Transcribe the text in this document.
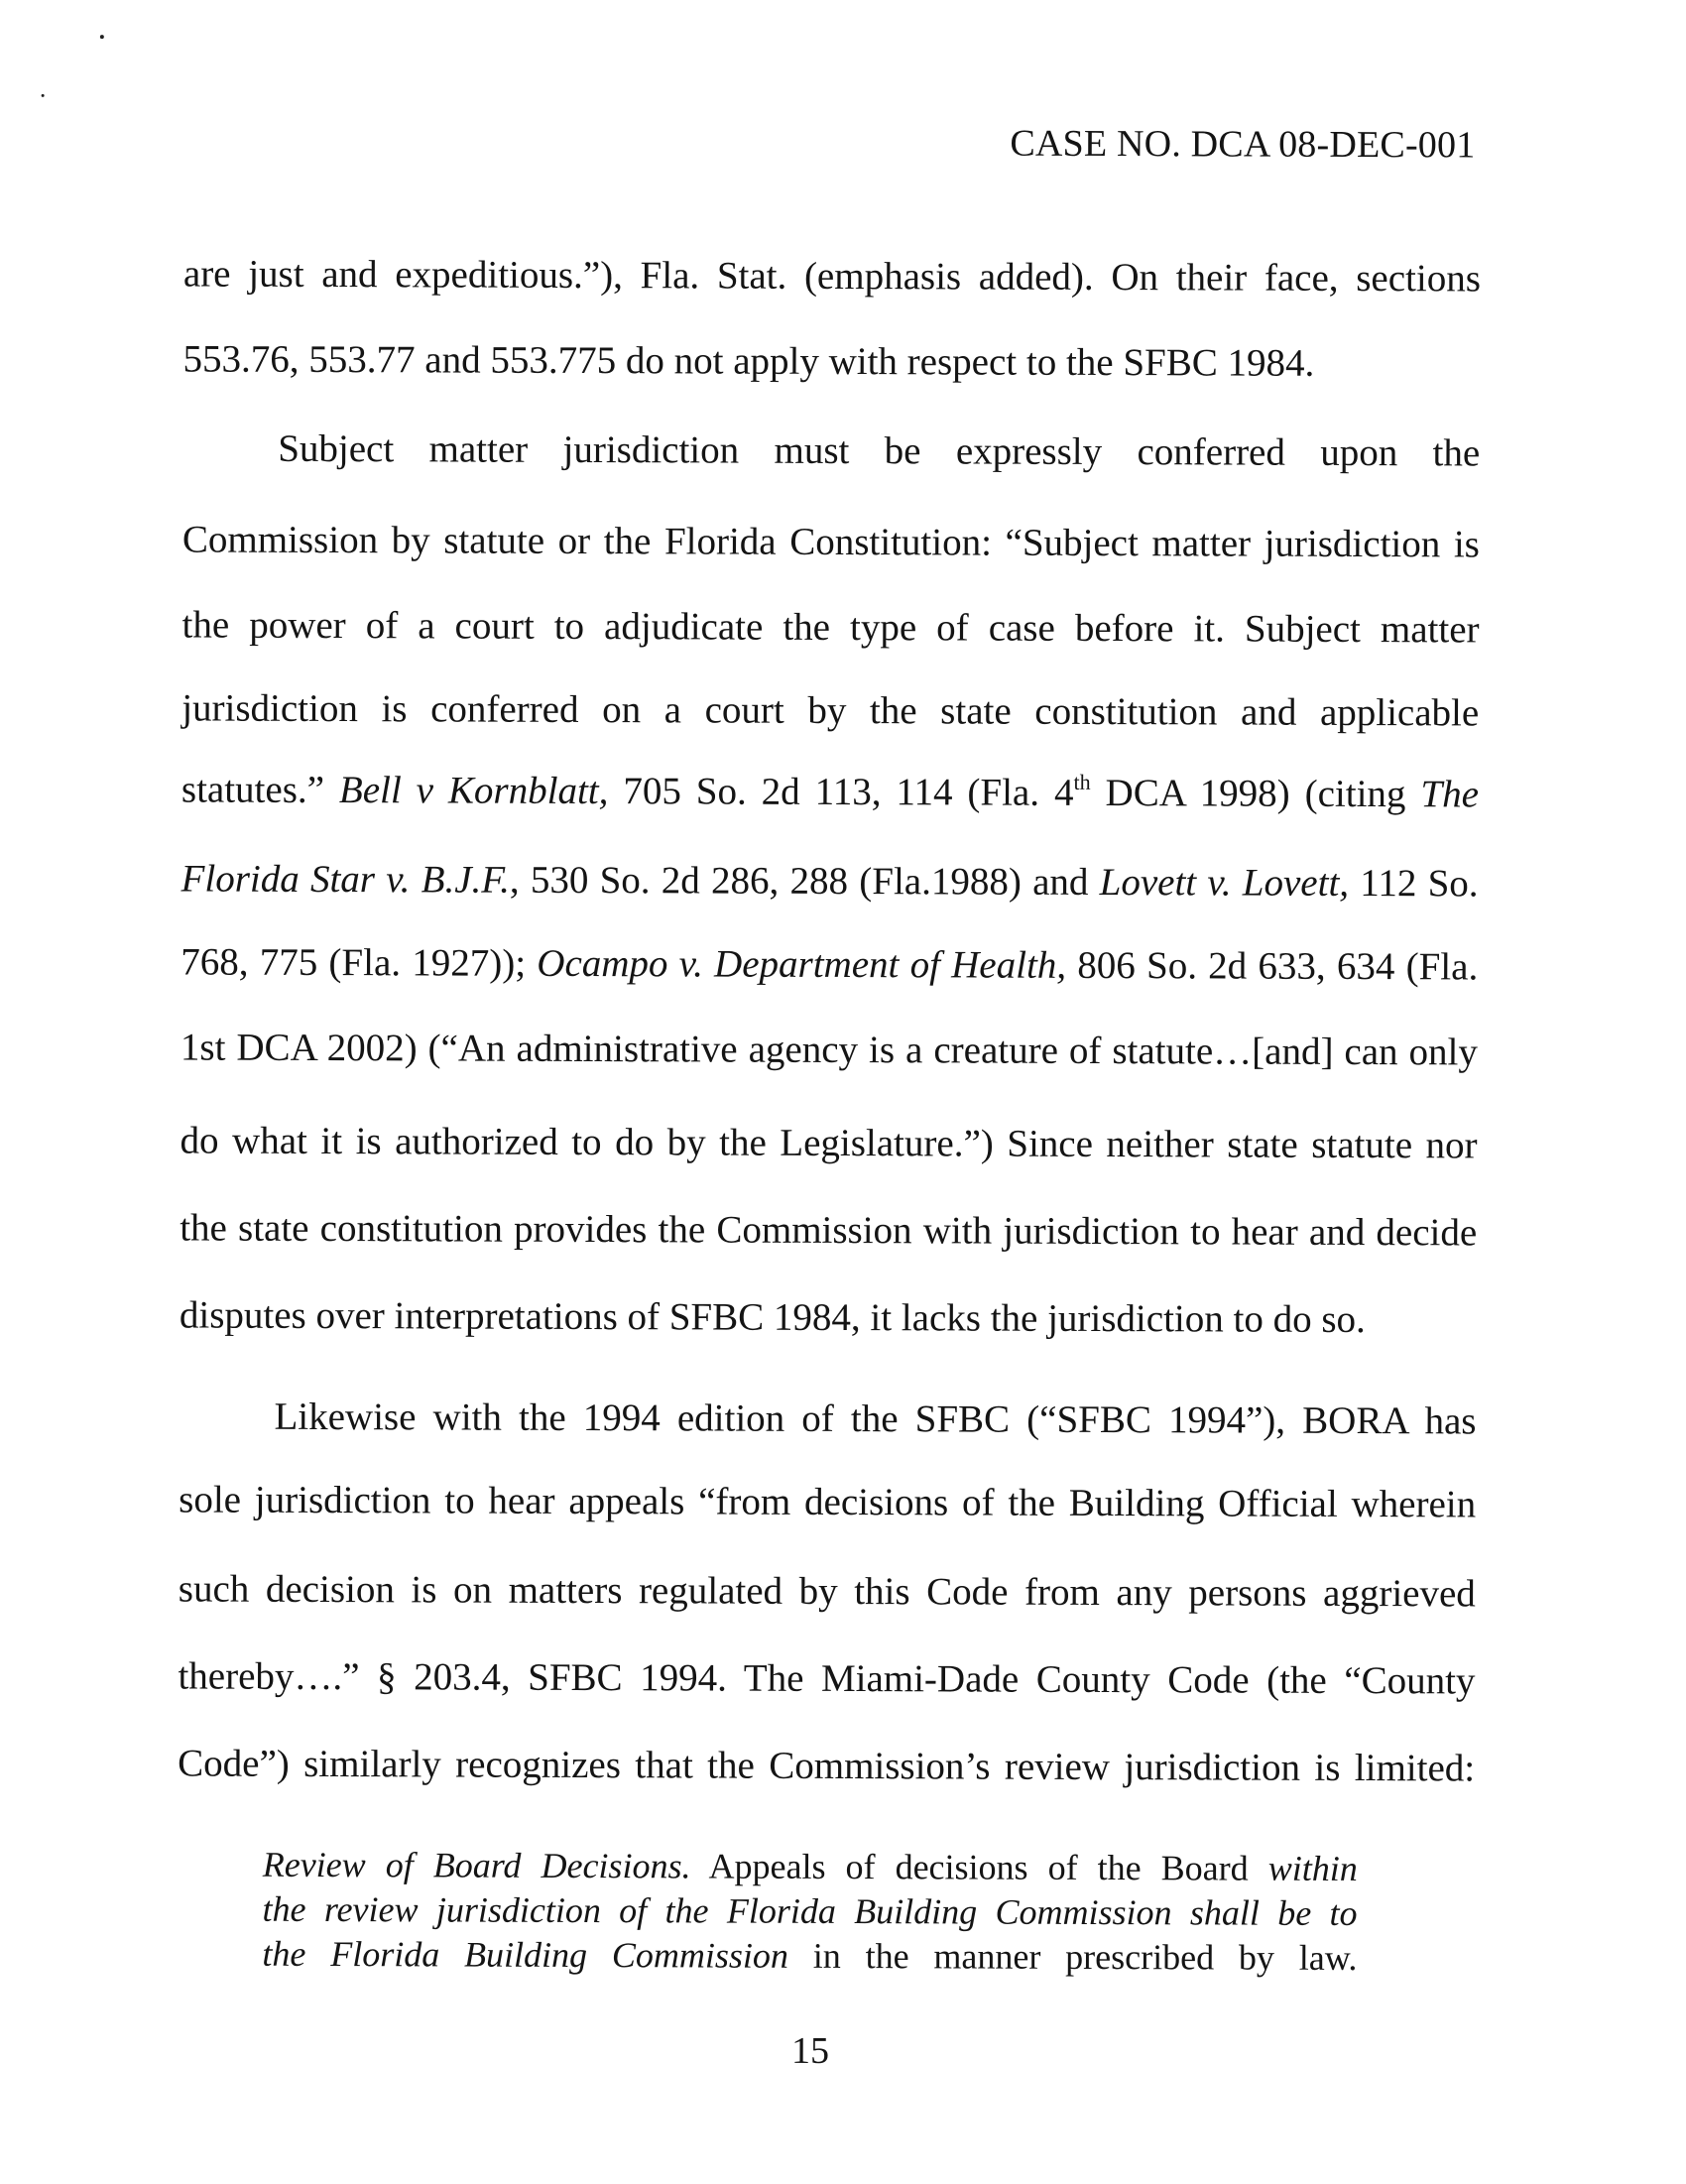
CASE NO. DCA 08-DEC-001
are just and expeditious.”), Fla. Stat. (emphasis added). On their face, sections
553.76, 553.77 and 553.775 do not apply with respect to the SFBC 1984.
Subject matter jurisdiction must be expressly conferred upon the
Commission by statute or the Florida Constitution: “Subject matter jurisdiction is
the power of a court to adjudicate the type of case before it. Subject matter
jurisdiction is conferred on a court by the state constitution and applicable
statutes.” Bell v Kornblatt, 705 So. 2d 113, 114 (Fla. 4th DCA 1998) (citing The
Florida Star v. B.J.F., 530 So. 2d 286, 288 (Fla.1988) and Lovett v. Lovett, 112 So.
768, 775 (Fla. 1927)); Ocampo v. Department of Health, 806 So. 2d 633, 634 (Fla.
1st DCA 2002) (“An administrative agency is a creature of statute…[and] can only
do what it is authorized to do by the Legislature.”) Since neither state statute nor
the state constitution provides the Commission with jurisdiction to hear and decide
disputes over interpretations of SFBC 1984, it lacks the jurisdiction to do so.
Likewise with the 1994 edition of the SFBC (“SFBC 1994”), BORA has
sole jurisdiction to hear appeals “from decisions of the Building Official wherein
such decision is on matters regulated by this Code from any persons aggrieved
thereby….” § 203.4, SFBC 1994. The Miami-Dade County Code (the “County
Code”) similarly recognizes that the Commission’s review jurisdiction is limited:
Review of Board Decisions. Appeals of decisions of the Board within
the review jurisdiction of the Florida Building Commission shall be to
the Florida Building Commission in the manner prescribed by law.
15
